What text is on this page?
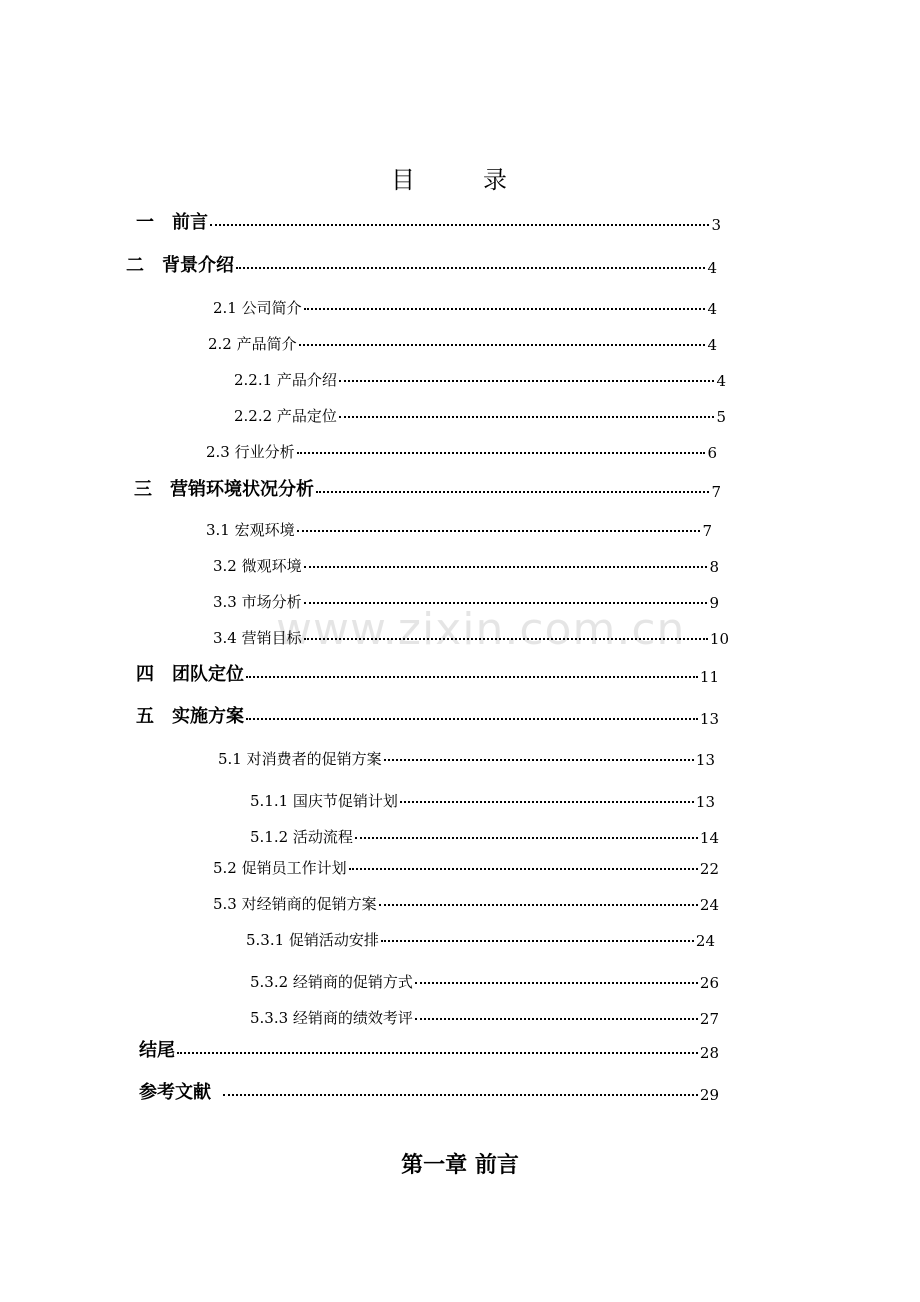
目　录
一　前言	3
二　背景介绍	4
2.1 公司简介	4
2.2 产品简介	4
2.2.1 产品介绍	4
2.2.2 产品定位	5
2.3 行业分析	6
三　营销环境状况分析	7
3.1 宏观环境	7
3.2 微观环境	8
3.3 市场分析	9
3.4 营销目标	10
四　团队定位	11
五　实施方案	13
5.1 对消费者的促销方案	13
5.1.1 国庆节促销计划	13
5.1.2 活动流程	14
5.2 促销员工作计划	22
5.3 对经销商的促销方案	24
5.3.1 促销活动安排	24
5.3.2 经销商的促销方式	26
5.3.3 经销商的绩效考评	27
结尾	28
参考文献	29
www.zixin.com.cn
第一章 前言
